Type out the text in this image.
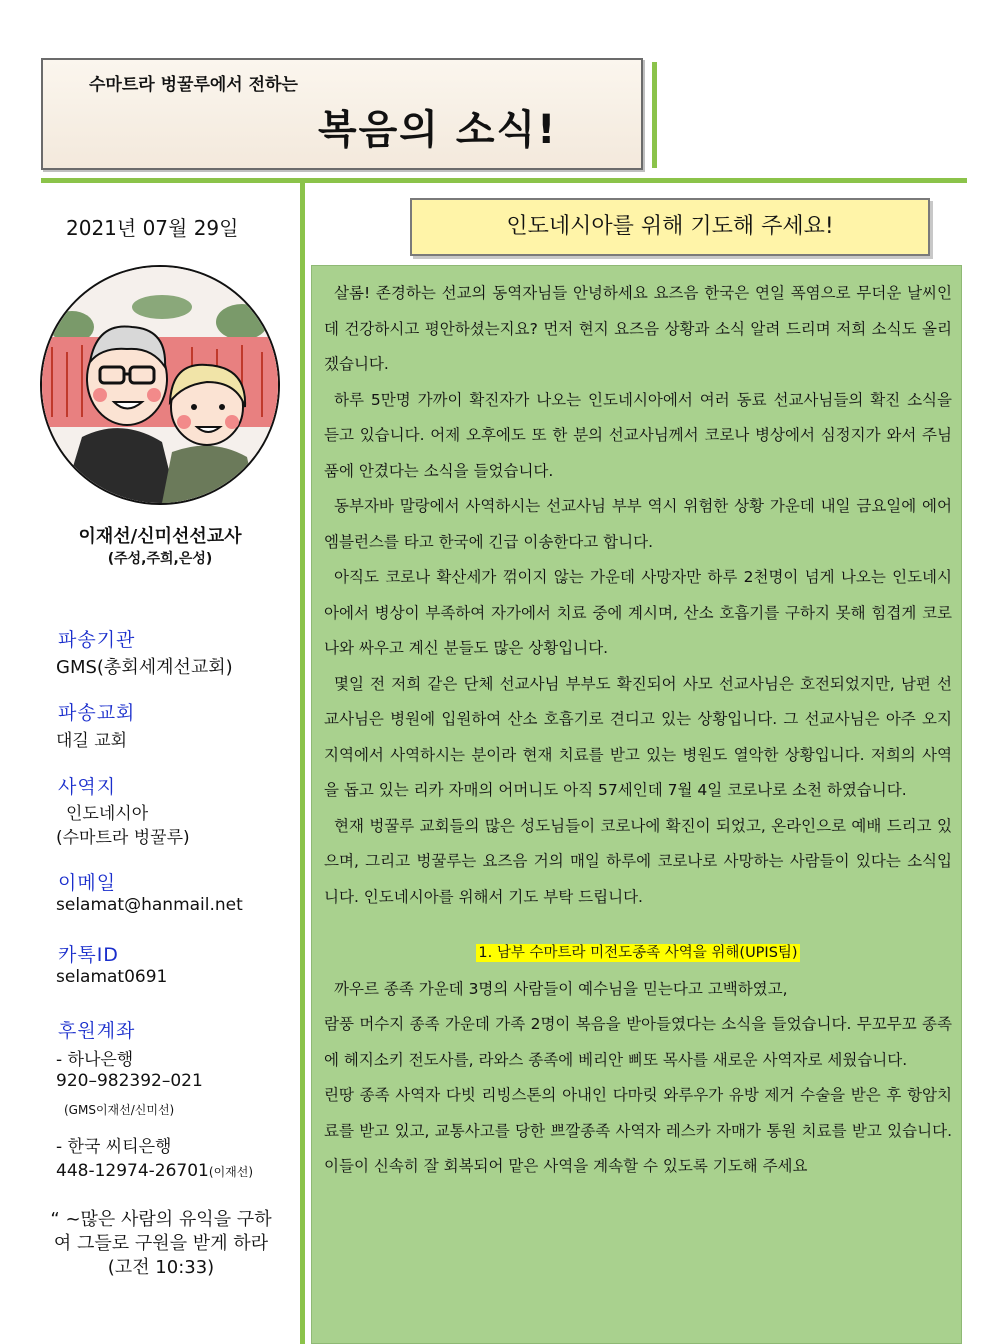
수마트라 벙꿀루에서 전하는
복음의 소식!
2021년 07월 29일
이재선/신미선선교사
(주성,주희,은성)
파송기관
GMS(총회세계선교회)
파송교회
대길 교회
사역지
인도네시아
(수마트라 벙꿀루)
이메일
selamat@hanmail.net
카톡ID
selamat0691
후원계좌
- 하나은행
920–982392–021
(GMS이재선/신미선)
- 한국 씨티은행
448-12974-26701(이재선)
“ ~많은 사람의 유익을 구하여 그들로 구원을 받게 하라 (고전 10:33)
인도네시아를 위해 기도해 주세요!

살롬! 존경하는 선교의 동역자님들 안녕하세요 요즈음 한국은 연일 폭염으로 무더운 날씨인데 건강하시고 평안하셨는지요? 먼저 현지 요즈음 상황과 소식 알려 드리며 저희 소식도 올리겠습니다.

하루 5만명 가까이 확진자가 나오는 인도네시아에서 여러 동료 선교사님들의 확진 소식을 듣고 있습니다. 어제 오후에도 또 한 분의 선교사님께서 코로나 병상에서 심정지가 와서 주님 품에 안겼다는 소식을 들었습니다.

동부자바 말랑에서 사역하시는 선교사님 부부 역시 위험한 상황 가운데 내일 금요일에 에어 엠블런스를 타고 한국에 긴급 이송한다고 합니다.

아직도 코로나 확산세가 꺾이지 않는 가운데 사망자만 하루 2천명이 넘게 나오는 인도네시아에서 병상이 부족하여 자가에서 치료 중에 계시며, 산소 호흡기를 구하지 못해 힘겹게 코로나와 싸우고 계신 분들도 많은 상황입니다.

몇일 전 저희 같은 단체 선교사님 부부도 확진되어 사모 선교사님은 호전되었지만, 남편 선교사님은 병원에 입원하여 산소 호흡기로 견디고 있는 상황입니다. 그 선교사님은 아주 오지 지역에서 사역하시는 분이라 현재 치료를 받고 있는 병원도 열악한 상황입니다. 저희의 사역을 돕고 있는 리카 자매의 어머니도 아직 57세인데 7월 4일 코로나로 소천 하였습니다.

현재 벙꿀루 교회들의 많은 성도님들이 코로나에 확진이 되었고, 온라인으로 예배 드리고 있으며, 그리고 벙꿀루는 요즈음 거의 매일 하루에 코로나로 사망하는 사람들이 있다는 소식입니다. 인도네시아를 위해서 기도 부탁 드립니다.

1. 남부 수마트라 미전도종족 사역을 위해(UPIS팀)

까우르 종족 가운데 3명의 사람들이 예수님을 믿는다고 고백하였고,

람풍 머수지 종족 가운데 가족 2명이 복음을 받아들였다는 소식을 들었습니다. 무꼬무꼬 종족에 헤지소키 전도사를, 라와스 종족에 베리안 삐또 목사를 새로운 사역자로 세웠습니다.

린땅 종족 사역자 다빗 리빙스톤의 아내인 다마릿 와루우가 유방 제거 수술을 받은 후 항암치료를 받고 있고, 교통사고를 당한 쁘깔종족 사역자 레스카 자매가 통원 치료를 받고 있습니다. 이들이 신속히 잘 회복되어 맡은 사역을 계속할 수 있도록 기도해 주세요
